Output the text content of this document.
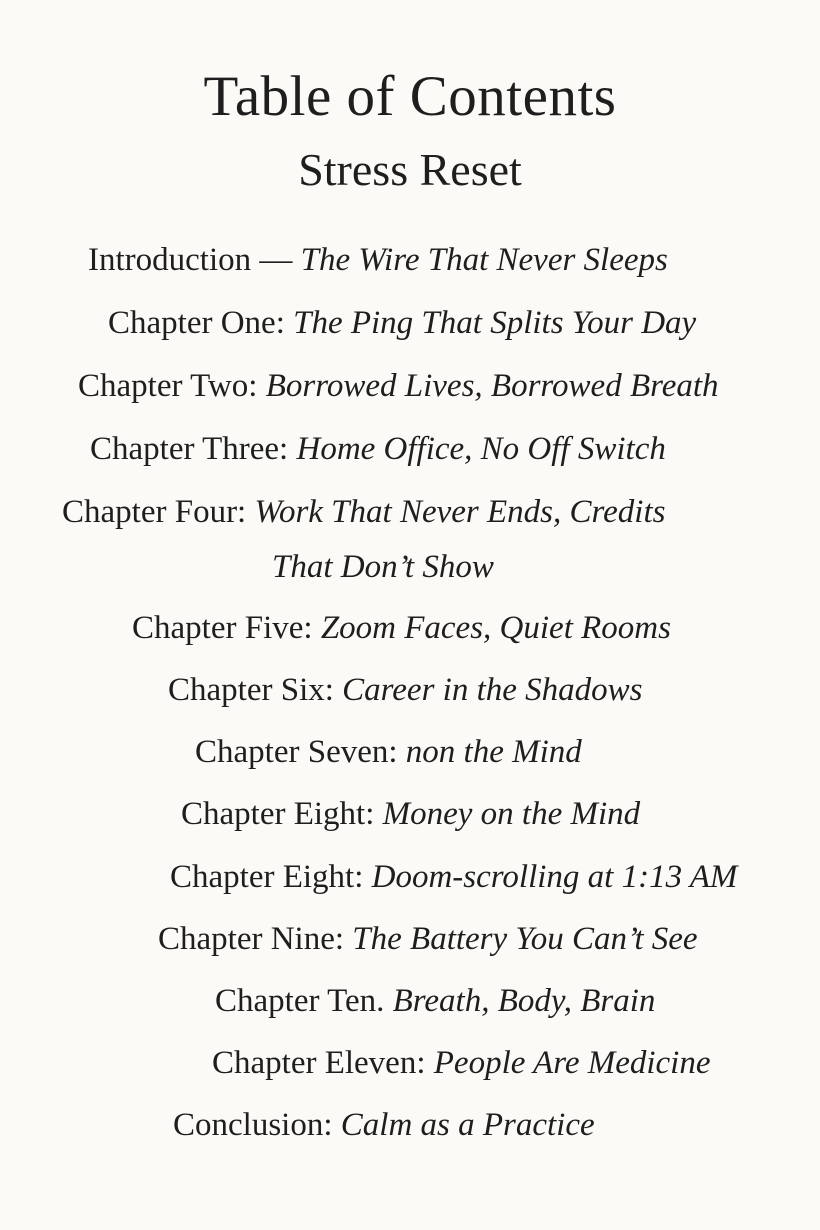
Table of Contents
Stress Reset
Introduction — The Wire That Never Sleeps
Chapter One: The Ping That Splits Your Day
Chapter Two: Borrowed Lives, Borrowed Breath
Chapter Three: Home Office, No Off Switch
Chapter Four: Work That Never Ends, Credits
That Don’t Show
Chapter Five: Zoom Faces, Quiet Rooms
Chapter Six: Career in the Shadows
Chapter Seven: non the Mind
Chapter Eight: Money on the Mind
Chapter Eight: Doom-scrolling at 1:13 AM
Chapter Nine: The Battery You Can’t See
Chapter Ten. Breath, Body, Brain
Chapter Eleven: People Are Medicine
Conclusion: Calm as a Practice
